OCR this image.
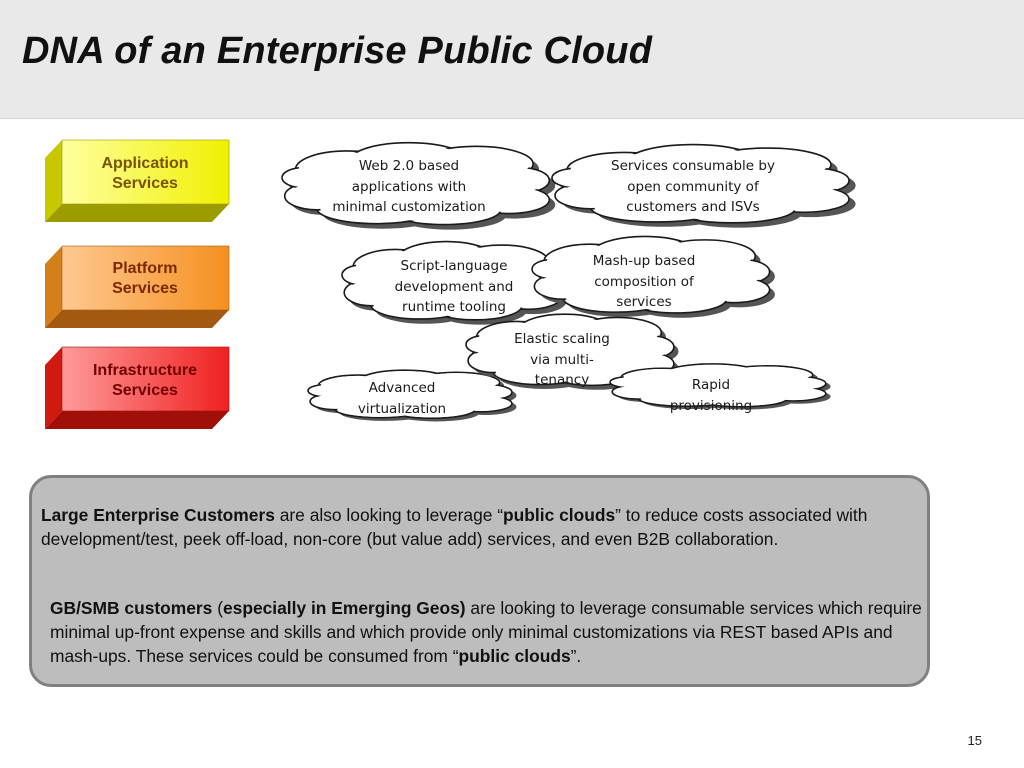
DNA of an Enterprise Public Cloud
Application
Services
Platform
Services
Infrastructure
Services
Web 2.0 based
applications with
minimal customization
Services consumable by
open community of
customers and ISVs
Script-language
development and
runtime tooling
Mash-up based
composition of
services
Advanced
virtualization
Elastic scaling
via multi-
tenancy	Rapid
provisioning

Large Enterprise Customers are also looking to leverage “public clouds” to reduce costs associated with development/test, peek off-load, non-core (but value add) services, and even B2B collaboration.

GB/SMB customers (especially in Emerging Geos) are looking to leverage consumable services which require minimal up-front expense and skills and which provide only minimal customizations via REST based APIs and mash-ups. These services could be consumed from “public clouds”.

15
